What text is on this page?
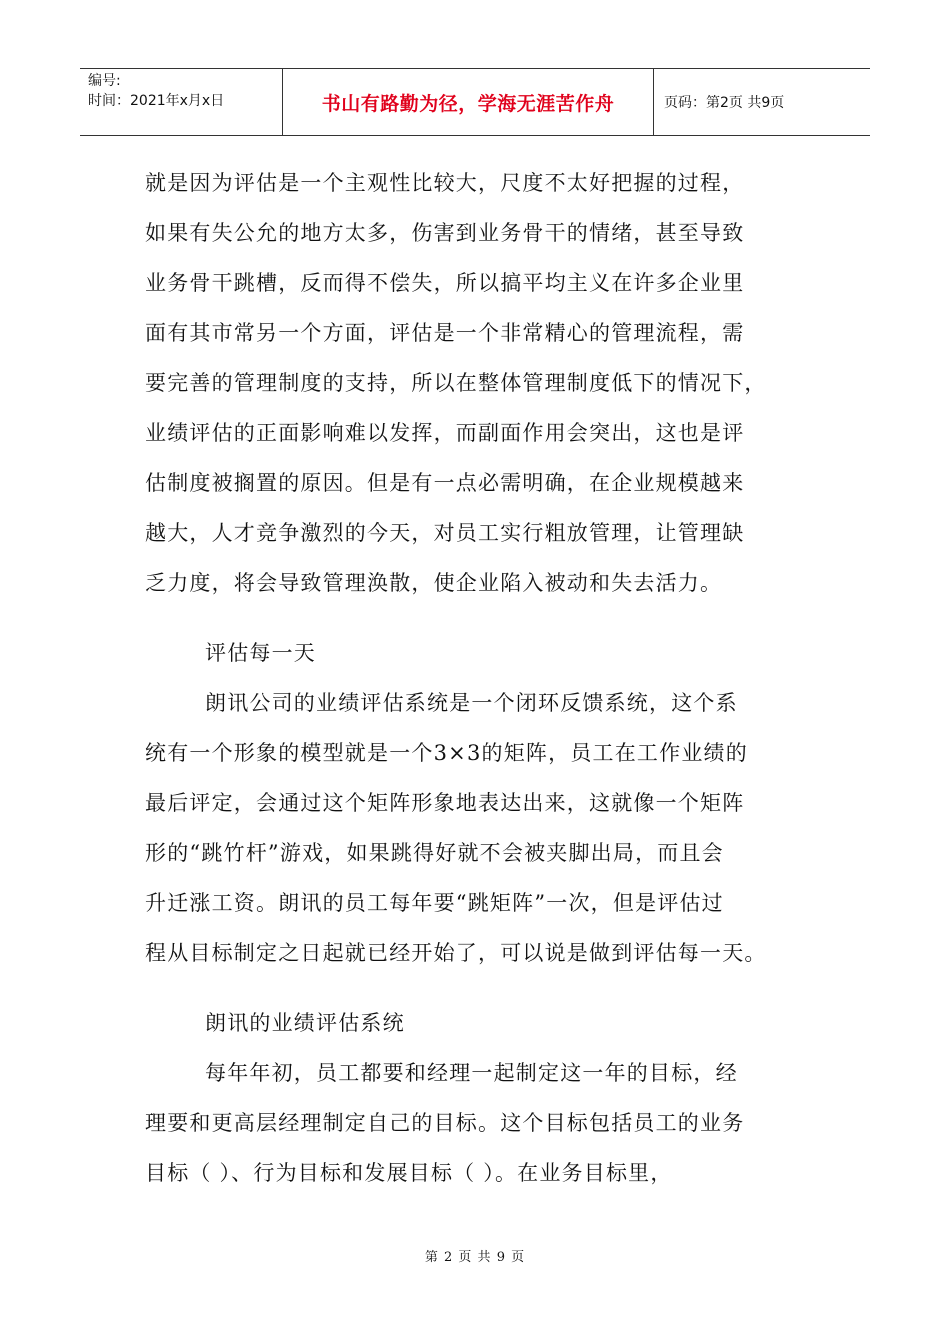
编号:
时间：2021年x月x日	书山有路勤为径，学海无涯苦作舟	页码：第2页 共9页
就是因为评估是一个主观性比较大，尺度不太好把握的过程，
如果有失公允的地方太多，伤害到业务骨干的情绪，甚至导致
业务骨干跳槽，反而得不偿失，所以搞平均主义在许多企业里
面有其市常另一个方面，评估是一个非常精心的管理流程，需
要完善的管理制度的支持，所以在整体管理制度低下的情况下，
业绩评估的正面影响难以发挥，而副面作用会突出，这也是评
估制度被搁置的原因。但是有一点必需明确，在企业规模越来
越大，人才竞争激烈的今天，对员工实行粗放管理，让管理缺
乏力度，将会导致管理涣散，使企业陷入被动和失去活力。
评估每一天
朗讯公司的业绩评估系统是一个闭环反馈系统，这个系
统有一个形象的模型就是一个3×3的矩阵，员工在工作业绩的
最后评定，会通过这个矩阵形象地表达出来，这就像一个矩阵
形的“跳竹杆”游戏，如果跳得好就不会被夹脚出局，而且会
升迁涨工资。朗讯的员工每年要“跳矩阵”一次，但是评估过
程从目标制定之日起就已经开始了，可以说是做到评估每一天。
朗讯的业绩评估系统
每年年初，员工都要和经理一起制定这一年的目标，经
理要和更高层经理制定自己的目标。这个目标包括员工的业务
目标（ ）、行为目标和发展目标（ ）。在业务目标里，
第 2 页 共 9 页
